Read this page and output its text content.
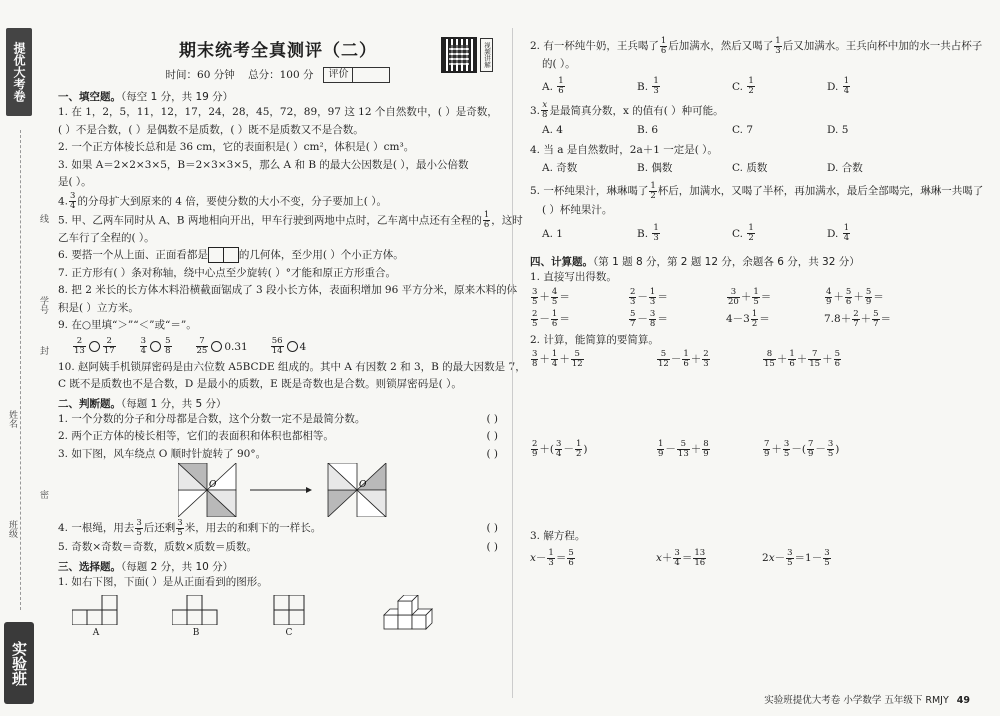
提优大考卷
线
学号
封
姓名
密
班级
实验班
期末统考全真测评（二）	视频讲解
时间：60 分钟 总分：100 分 评价
一、填空题。（每空 1 分，共 19 分）
1. 在 1，2，5，11，12，17，24，28，45，72，89，97 这 12 个自然数中，( ）是奇数，
( ）不是合数，( ）是偶数不是质数，( ）既不是质数又不是合数。
2. 一个正方体棱长总和是 36 cm，它的表面积是( ）cm²，体积是( ）cm³。
3. 如果 A＝2×2×3×5，B＝2×3×3×5，那么 A 和 B 的最大公因数是( ），最小公倍数
是( ）。
4. $\frac{3}{4}$ 的分母扩大到原来的 4 倍，要使分数的大小不变，分子要加上( ）。
5. 甲、乙两车同时从 A、B 两地相向开出，甲车行驶到两地中点时，乙车离中点还有全程的 $\frac{1}{6}$ ，这时
乙车行了全程的( ）。
6. 要搭一个从上面、正面看都是	的几何体，至少用( ）个小正方体。
7. 正方形有( ）条对称轴，绕中心点至少旋转( ）°才能和原正方形重合。
8. 把 2 米长的长方体木料沿横截面锯成了 3 段小长方体，表面积增加 96 平方分米，原来木料的体
积是( ）立方米。
9. 在○里填“＞”“＜”或“＝”。
$\frac{2}{13} \frac{2}{17}$	$\frac{3}{4} \frac{5}{8}$	$\frac{7}{25} 0.31$	$\frac{56}{14} 4$
10. 赵阿姨手机锁屏密码是由六位数 A5BCDE 组成的。其中 A 有因数 2 和 3，B 的最大因数是 7，
C 既不是质数也不是合数，D 是最小的质数，E 既是奇数也是合数。则锁屏密码是( ）。
二、判断题。（每题 1 分，共 5 分）
1. 一个分数的分子和分母都是合数，这个分数一定不是最简分数。	( )
2. 两个正方体的棱长相等，它们的表面积和体积也都相等。	( )
3. 如下图，风车绕点 O 顺时针旋转了 90°。	( )
O	O
4. 一根绳，用去 $\frac{3}{5}$ 后还剩 $\frac{3}{5}$ 米，用去的和剩下的一样长。	( )
5. 奇数×奇数＝奇数，质数×质数＝质数。	( )
三、选择题。（每题 2 分，共 10 分）
1. 如右下图，下面( ）是从正面看到的图形。
A	B	C
2. 有一杯纯牛奶，王兵喝了 $\frac{1}{6}$ 后加满水，然后又喝了 $\frac{1}{3}$ 后又加满水。王兵向杯中加的水一共占杯子
的( ）。
A. $\frac{1}{6}$	B. $\frac{1}{3}$	C. $\frac{1}{2}$	D. $\frac{1}{4}$
3. $\frac{x}{8}$ 是最简真分数，x 的值有( ）种可能。
A. 4	B. 6	C. 7	D. 5
4. 当 a 是自然数时，2a＋1 一定是( ）。
A. 奇数	B. 偶数	C. 质数	D. 合数
5. 一杯纯果汁，琳琳喝了 $\frac{1}{2}$ 杯后，加满水，又喝了半杯，再加满水，最后全部喝完，琳琳一共喝了
( ）杯纯果汁。
A. 1	B. $\frac{1}{3}$	C. $\frac{1}{2}$	D. $\frac{1}{4}$
四、计算题。（第 1 题 8 分，第 2 题 12 分，余题各 6 分，共 32 分）
1. 直接写出得数。
$\frac{3}{5} + \frac{4}{5}$ ＝	$\frac{2}{3} - \frac{1}{3}$ ＝	$\frac{3}{20} + \frac{1}{5}$ ＝	$\frac{4}{9} + \frac{5}{6} + \frac{5}{9}$ ＝
$\frac{2}{5} - \frac{1}{6}$ ＝	$\frac{5}{7} - \frac{3}{8}$ ＝	$4-3 \frac{1}{2}$ ＝	$7.8+ \frac{2}{7} + \frac{5}{7}$ ＝
2. 计算，能简算的要简算。
$\frac{3}{8} + \frac{1}{4} + \frac{5}{12}$	$\frac{5}{12} - \frac{1}{6} + \frac{2}{3}$	$\frac{8}{15} + \frac{1}{6} + \frac{7}{15} + \frac{5}{6}$
$\frac{2}{9}$ ＋( $\frac{3}{4} - \frac{1}{2}$ )	$\frac{1}{9} - \frac{5}{13} + \frac{8}{9}$	$\frac{7}{9} + \frac{3}{5}$ －( $\frac{7}{9} - \frac{3}{5}$ )
3. 解方程。
$x- \frac{1}{3} = \frac{5}{6}$	$x+ \frac{3}{4} = \frac{13}{16}$	$2x- \frac{3}{5} =1- \frac{3}{5}$
实验班提优大考卷 小学数学 五年级下 RMJY 49
